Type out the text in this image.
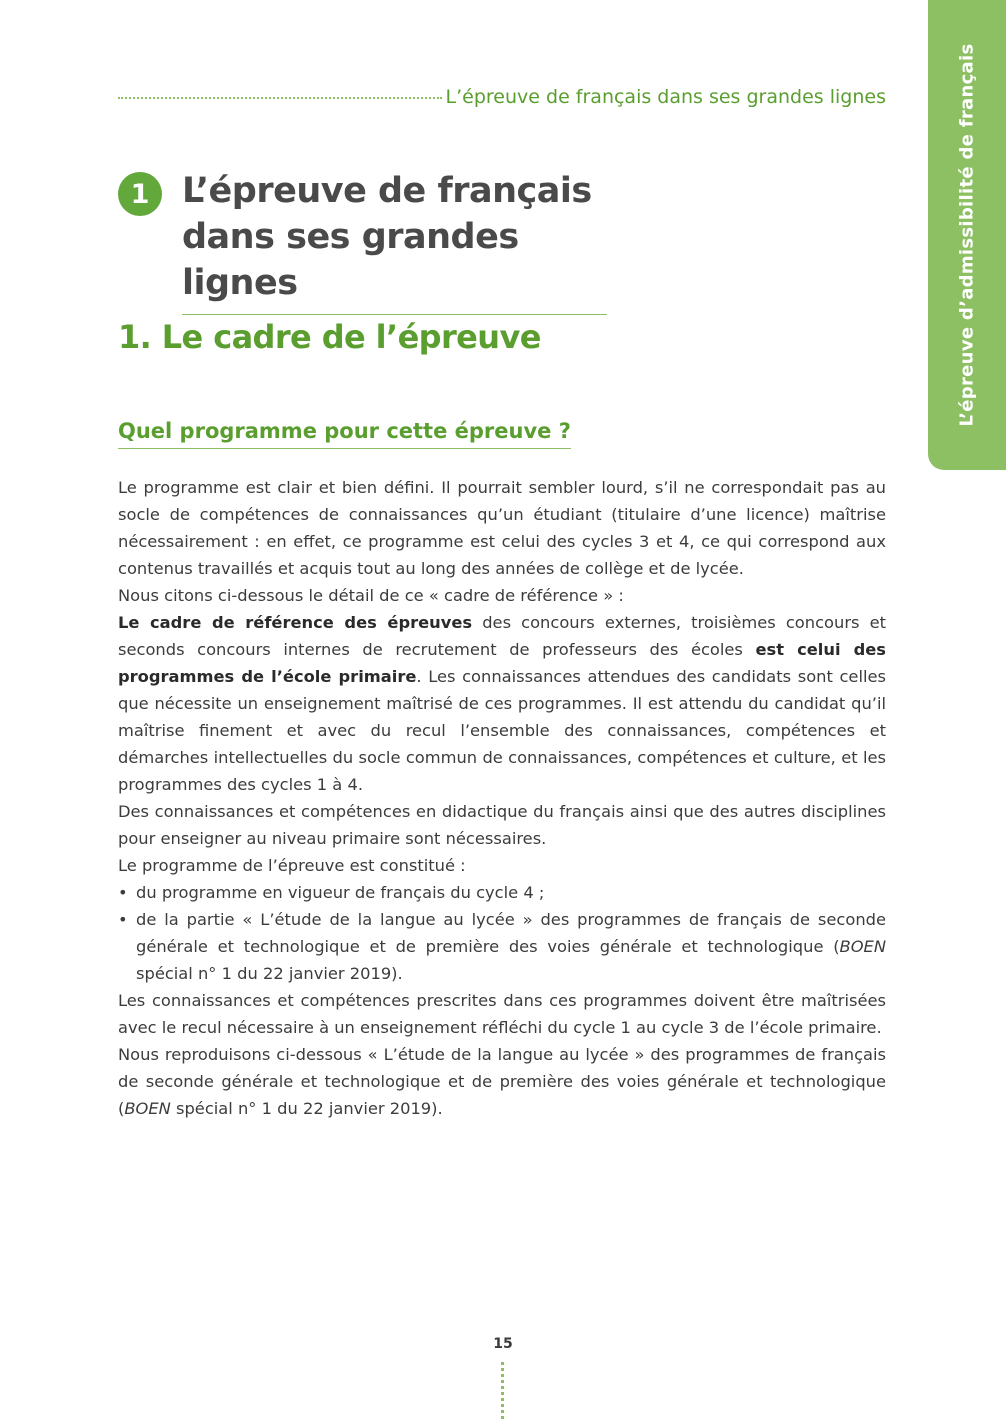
L’épreuve d’admissibilité de français
L’épreuve de français dans ses grandes lignes
1 L’épreuve de français
dans ses grandes lignes
1. Le cadre de l’épreuve
Quel programme pour cette épreuve ?

Le programme est clair et bien défini. Il pourrait sembler lourd, s’il ne correspondait pas au socle de compétences de connaissances qu’un étudiant (titulaire d’une licence) maîtrise nécessairement : en effet, ce programme est celui des cycles 3 et 4, ce qui correspond aux contenus travaillés et acquis tout au long des années de collège et de lycée.

Nous citons ci-dessous le détail de ce « cadre de référence » :

Le cadre de référence des épreuves des concours externes, troisièmes concours et seconds concours internes de recrutement de professeurs des écoles est celui des programmes de l’école primaire. Les connaissances attendues des candidats sont celles que nécessite un enseignement maîtrisé de ces programmes. Il est attendu du candidat qu’il maîtrise finement et avec du recul l’ensemble des connaissances, compétences et démarches intellectuelles du socle commun de connaissances, compétences et culture, et les programmes des cycles 1 à 4.

Des connaissances et compétences en didactique du français ainsi que des autres disciplines pour enseigner au niveau primaire sont nécessaires.

Le programme de l’épreuve est constitué :

• du programme en vigueur de français du cycle 4 ;
• de la partie « L’étude de la langue au lycée » des programmes de français de seconde générale et technologique et de première des voies générale et technologique (BOEN spécial n° 1 du 22 janvier 2019).

Les connaissances et compétences prescrites dans ces programmes doivent être maîtrisées avec le recul nécessaire à un enseignement réfléchi du cycle 1 au cycle 3 de l’école primaire.

Nous reproduisons ci-dessous « L’étude de la langue au lycée » des programmes de français de seconde générale et technologique et de première des voies générale et technologique (BOEN spécial n° 1 du 22 janvier 2019).

15
